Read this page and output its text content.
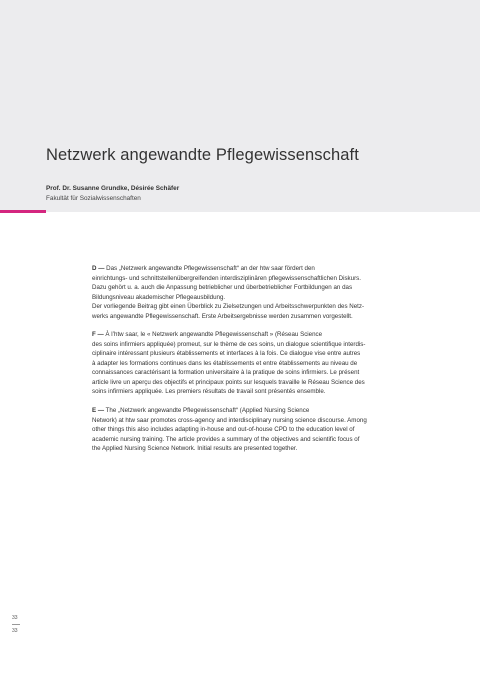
Netzwerk angewandte Pflegewissenschaft
Prof. Dr. Susanne Grundke, Désirée Schäfer
Fakultät für Sozialwissenschaften
D — Das „Netzwerk angewandte Pflegewissenschaft“ an der htw saar fördert den
einrichtungs- und schnittstellenübergreifenden interdisziplinären pflegewissenschaftlichen Diskurs.
Dazu gehört u. a. auch die Anpassung betrieblicher und überbetrieblicher Fortbildungen an das
Bildungsniveau akademischer Pflegeausbildung.
Der vorliegende Beitrag gibt einen Überblick zu Zielsetzungen und Arbeitsschwerpunkten des Netz-
werks angewandte Pflegewissenschaft. Erste Arbeitsergebnisse werden zusammen vorgestellt.
F — À l’htw saar, le « Netzwerk angewandte Pflegewissenschaft » (Réseau Science
des soins infirmiers appliquée) promeut, sur le thème de ces soins, un dialogue scientifique interdis-
ciplinaire intéressant plusieurs établissements et interfaces à la fois. Ce dialogue vise entre autres
à adapter les formations continues dans les établissements et entre établissements au niveau de
connaissances caractérisant la formation universitaire à la pratique de soins infirmiers. Le présent
article livre un aperçu des objectifs et principaux points sur lesquels travaille le Réseau Science des
soins infirmiers appliquée. Les premiers résultats de travail sont présentés ensemble.
E — The „Netzwerk angewandte Pflegewissenschaft“ (Applied Nursing Science
Network) at htw saar promotes cross-agency and interdisciplinary nursing science discourse. Among
other things this also includes adapting in-house and out-of-house CPD to the education level of
academic nursing training. The article provides a summary of the objectives and scientific focus of
the Applied Nursing Science Network. Initial results are presented together.
33
33
